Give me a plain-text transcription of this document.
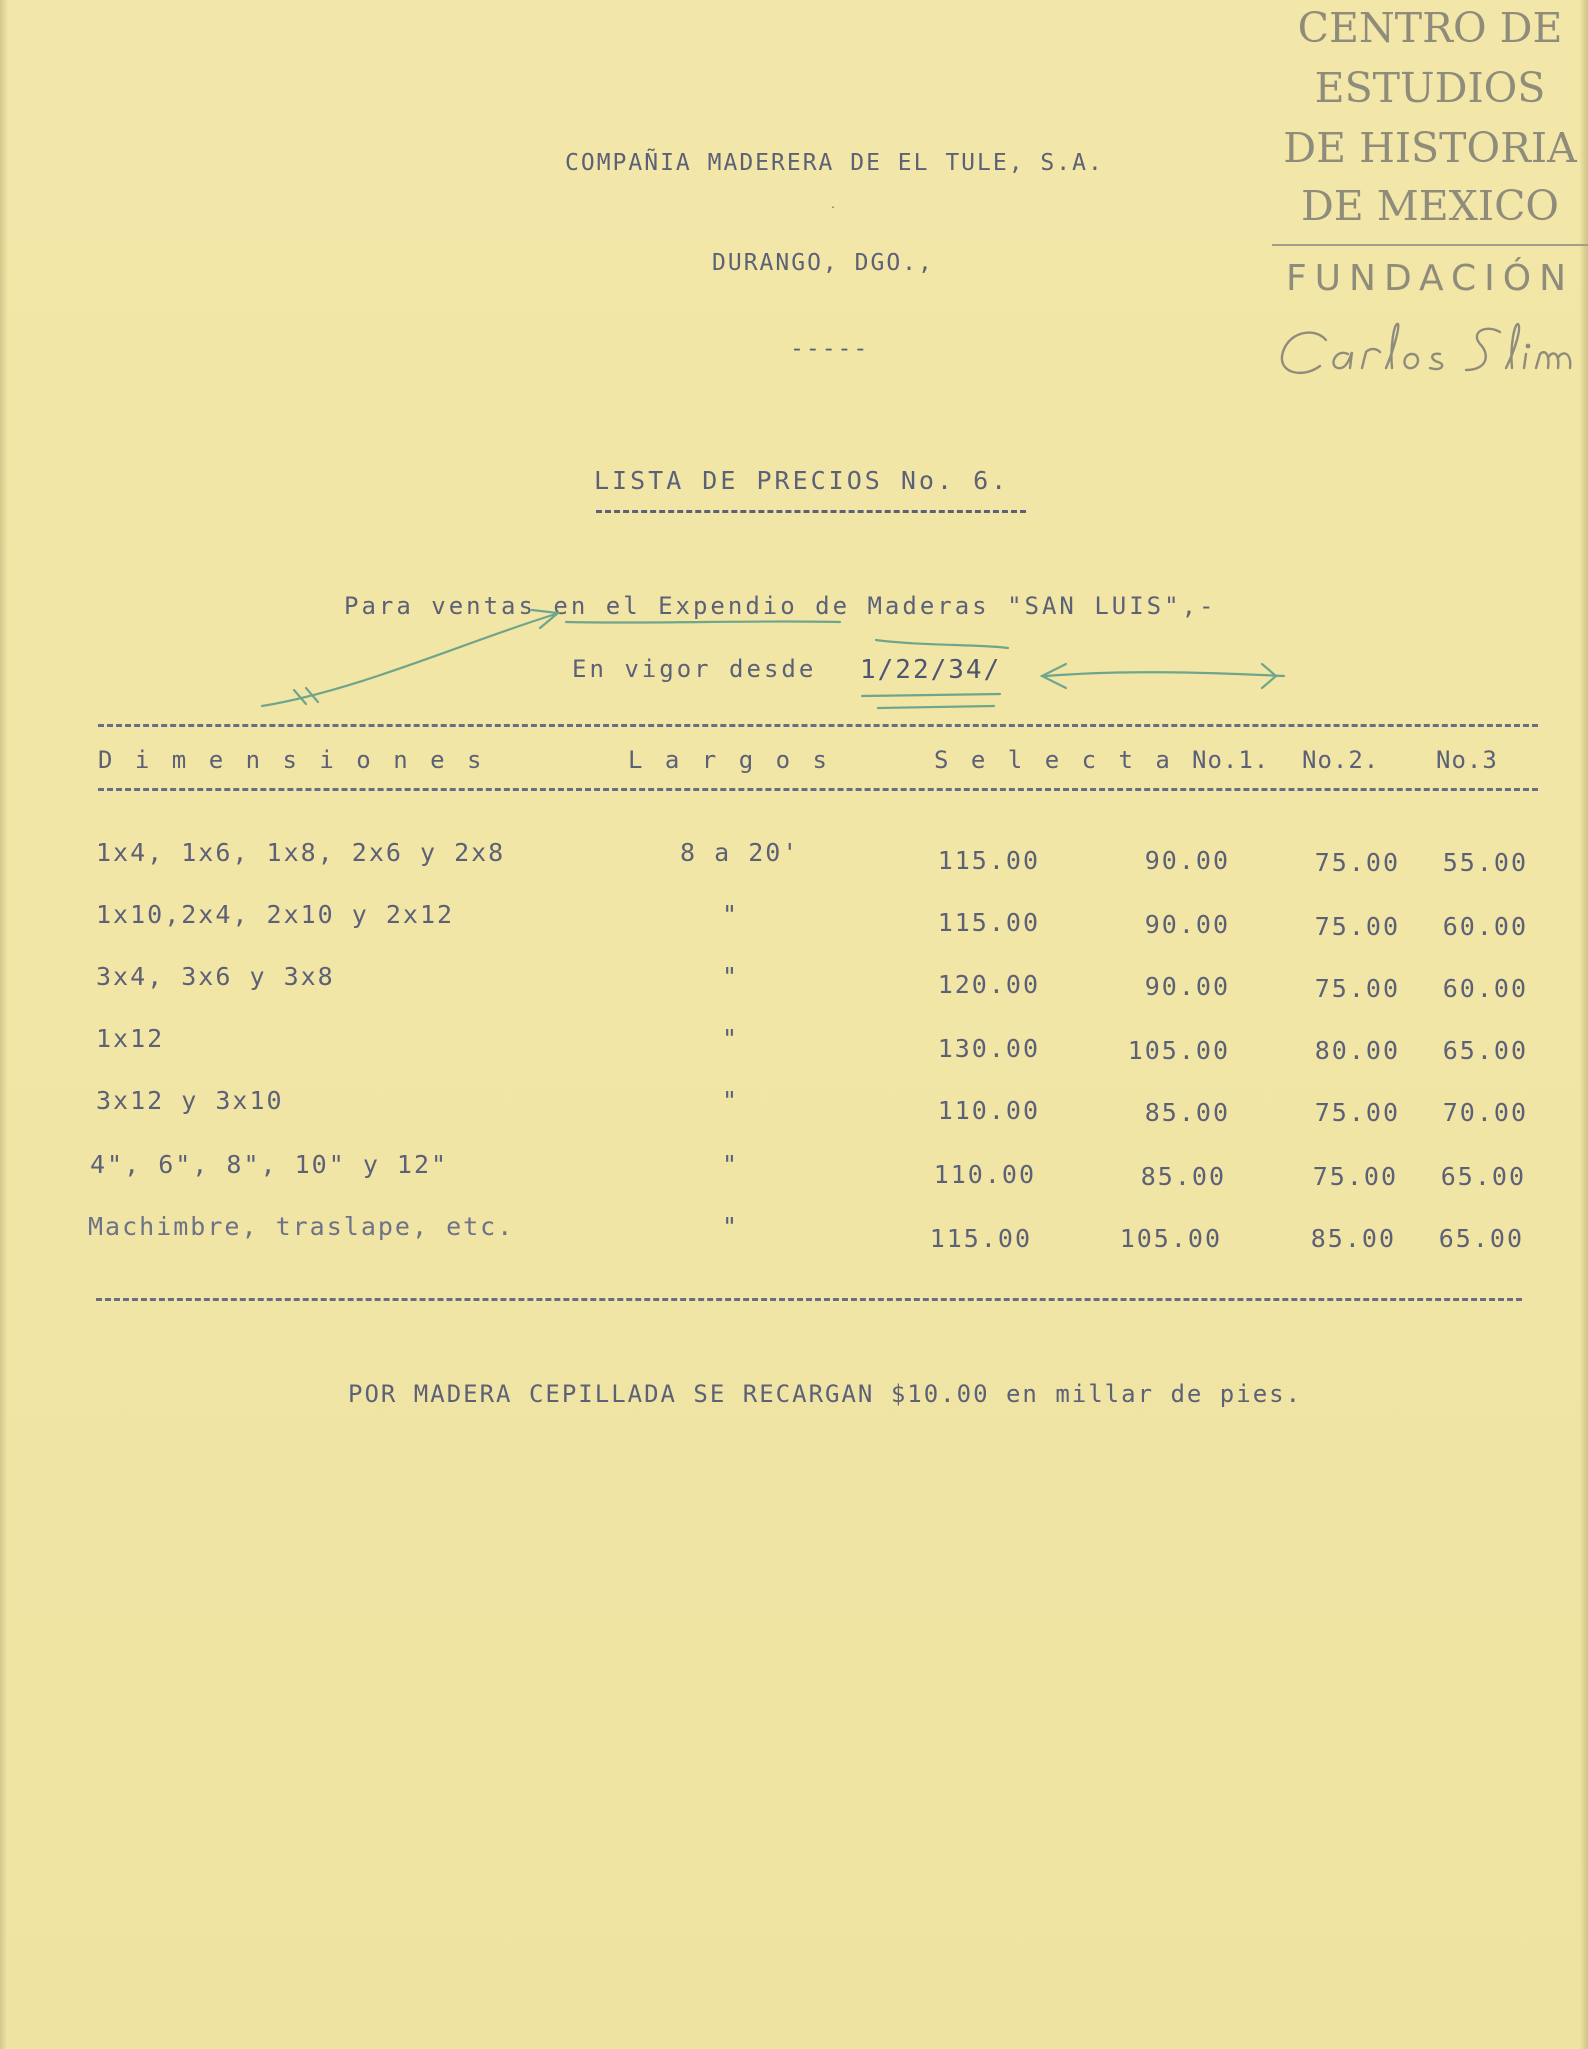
CENTRO DE
ESTUDIOS
DE HISTORIA
DE MEXICO
FUNDACIÓN
COMPAÑIA MADERERA DE EL TULE, S.A.
.
DURANGO, DGO.,
-----
LISTA DE PRECIOS No. 6.
Para ventas en el Expendio de Maderas "SAN LUIS",-
En vigor desde 1/22/34/
D i m e n s i o n e s	L a r g o s	S e l e c t a No.1. No.2. No.3
1x4, 1x6, 1x8, 2x6 y 2x8	8 a 20'	115.00	90.00	75.00	55.00
1x10,2x4, 2x10 y 2x12	"	115.00	90.00	75.00	60.00
3x4, 3x6 y 3x8	"	120.00	90.00	75.00	60.00
1x12	"	130.00	105.00	80.00	65.00
3x12 y 3x10	"	110.00	85.00	75.00	70.00
4", 6", 8", 10" y 12"	"	110.00	85.00	75.00	65.00
Machimbre, traslape, etc.	"	115.00	105.00	85.00	65.00
POR MADERA CEPILLADA SE RECARGAN $10.00 en millar de pies.
